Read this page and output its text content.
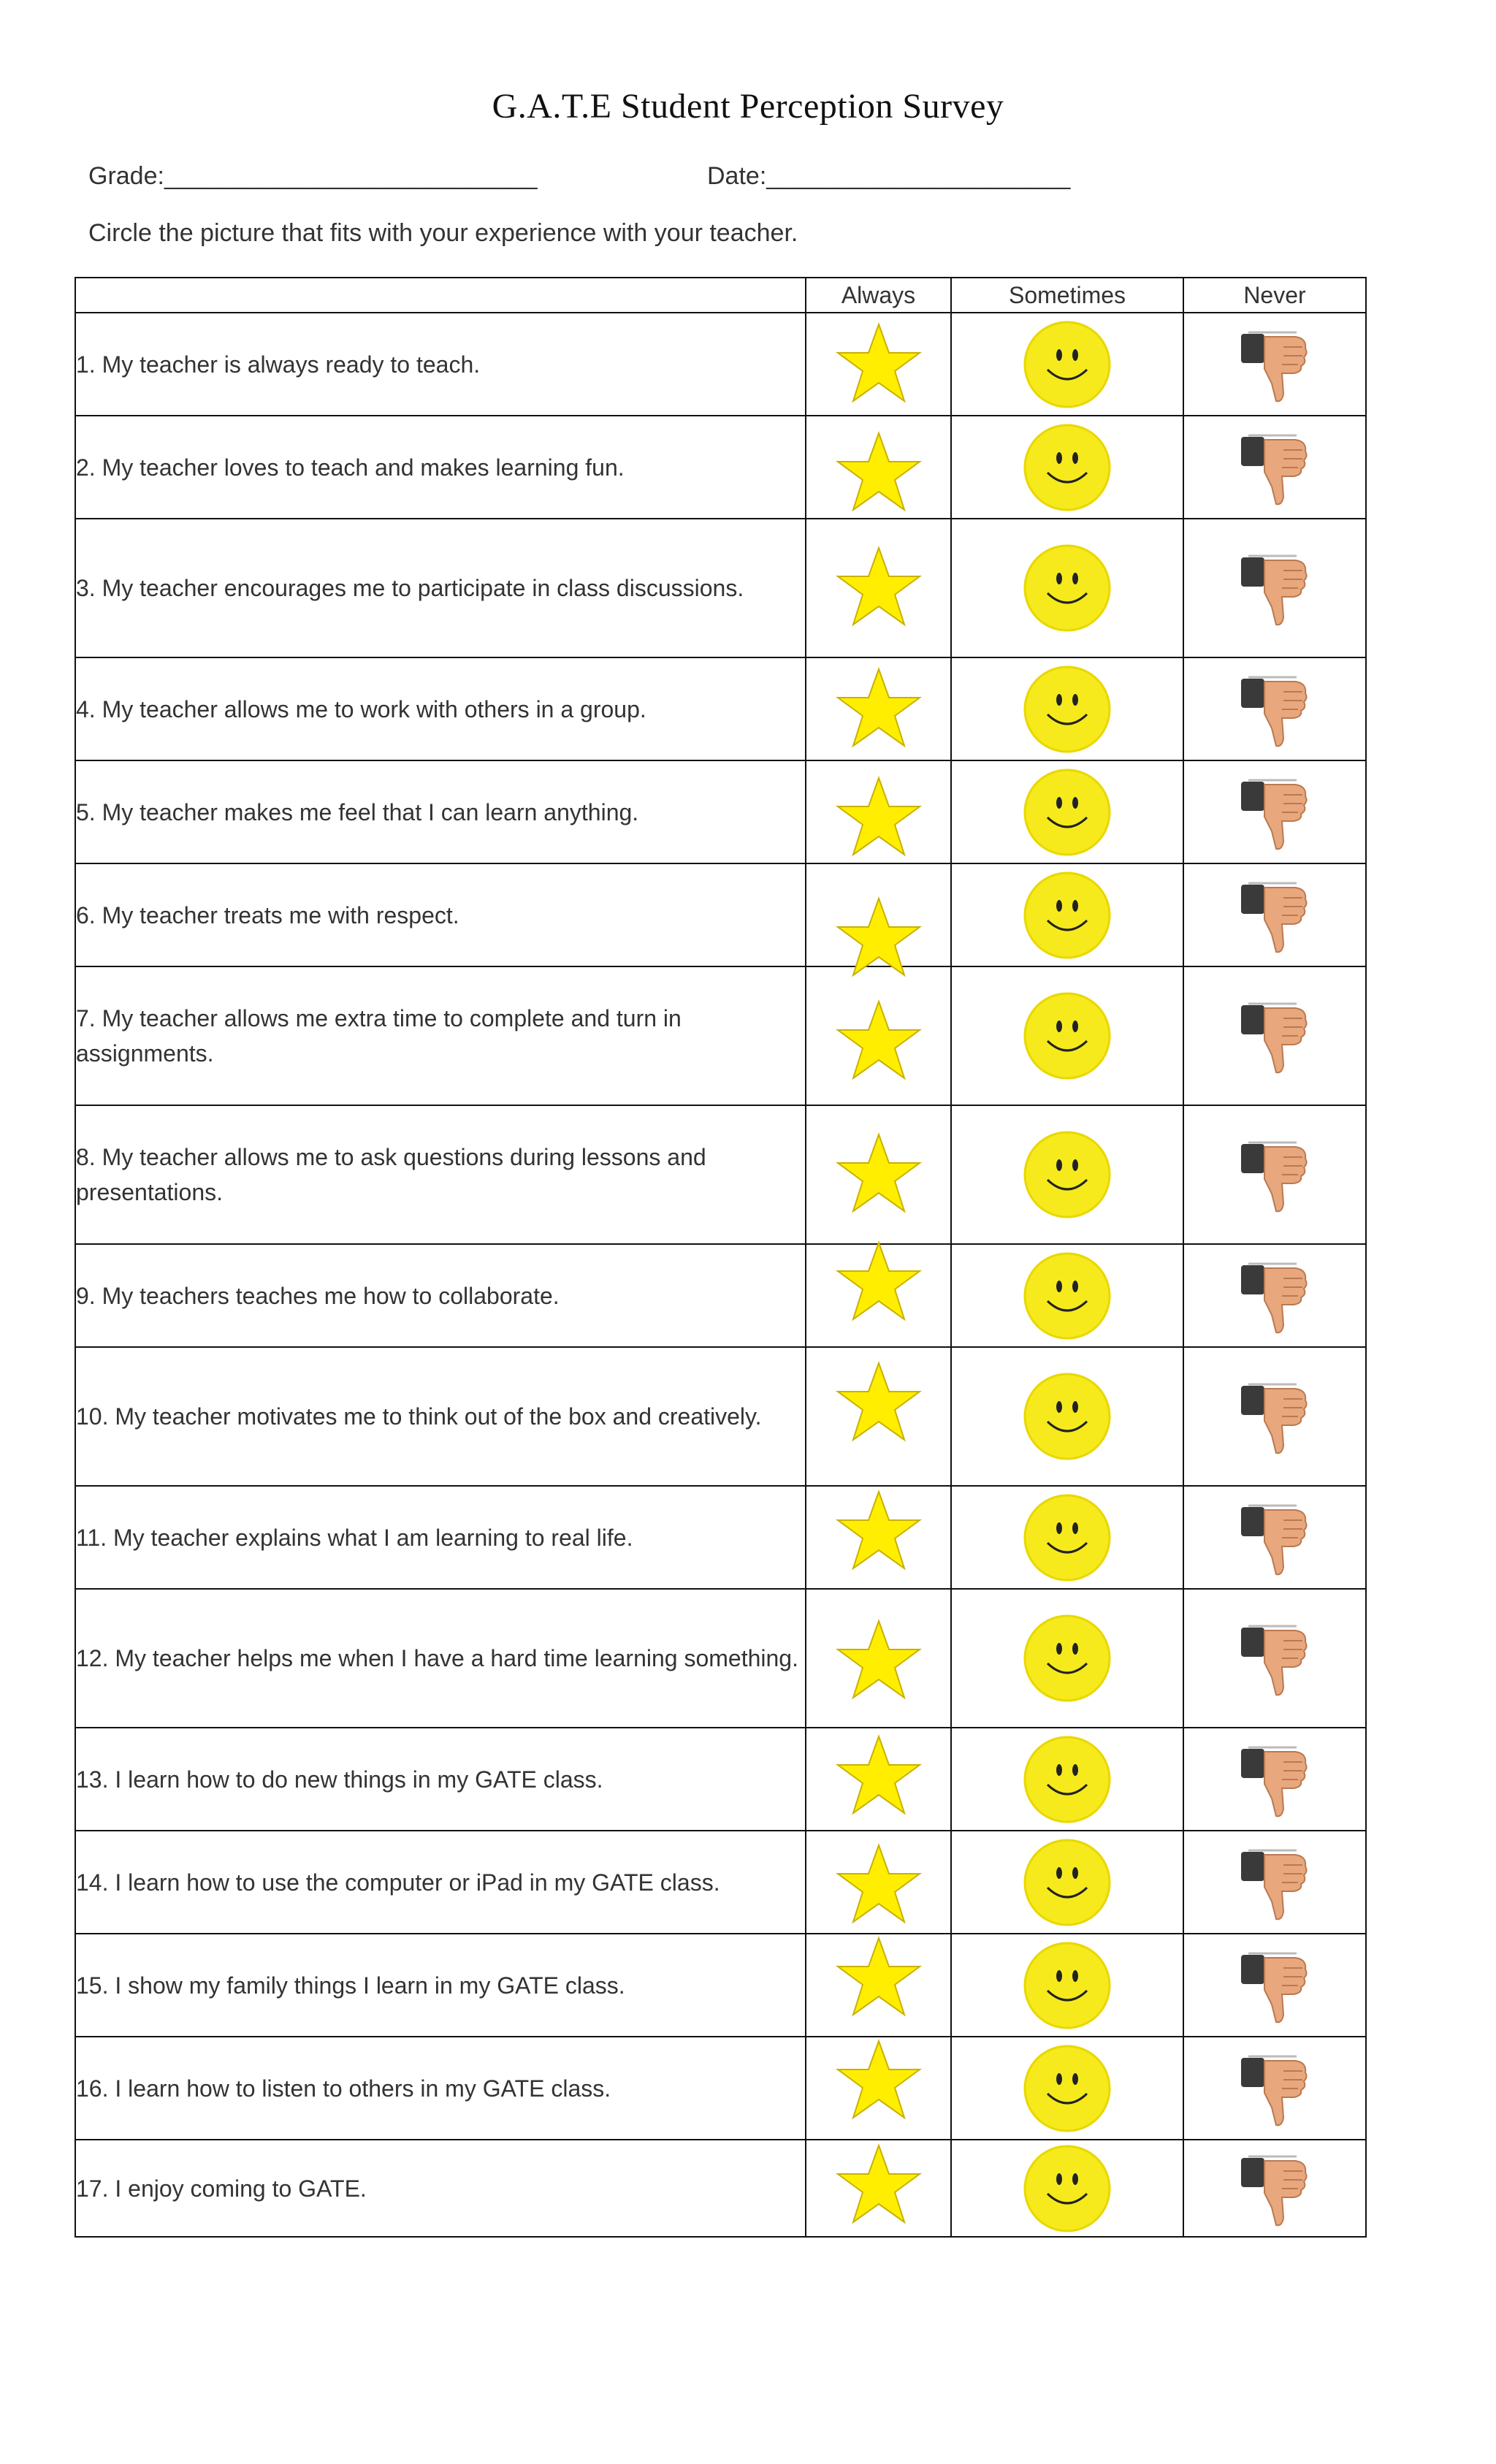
G.A.T.E Student Perception Survey
Grade:___________________________	Date:______________________
Circle the picture that fits with your experience with your teacher.
	Always	Sometimes	Never
1. My teacher is always ready to teach.			
2. My teacher loves to teach and makes learning fun.			
3. My teacher encourages me to participate in class discussions.			
4. My teacher allows me to work with others in a group.			
5. My teacher makes me feel that I can learn anything.			
6. My teacher treats me with respect.			
7. My teacher allows me extra time to complete and turn in assignments.			
8. My teacher allows me to ask questions during lessons and presentations.			
9. My teachers teaches me how to collaborate.			
10. My teacher motivates me to think out of the box and creatively.			
11. My teacher explains what I am learning to real life.			
12. My teacher helps me when I have a hard time learning something.			
13. I learn how to do new things in my GATE class.			
14. I learn how to use the computer or iPad in my GATE class.			
15. I show my family things I learn in my GATE class.			
16. I learn how to listen to others in my GATE class.			
17. I enjoy coming to GATE.			
